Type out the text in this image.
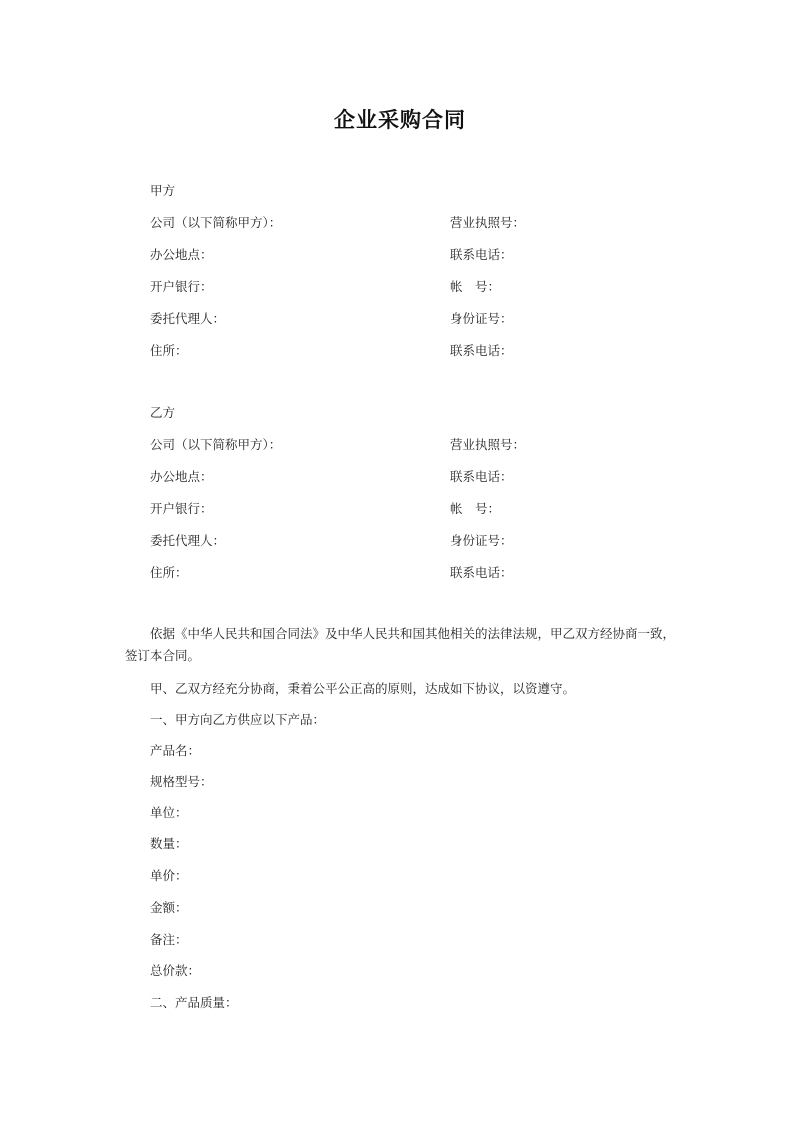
企业采购合同
甲方
公司（以下简称甲方）：	营业执照号：
办公地点：	联系电话：
开户银行：	帐　号：
委托代理人：	身份证号：
住所：	联系电话：
乙方
公司（以下简称甲方）：	营业执照号：
办公地点：	联系电话：
开户银行：	帐　号：
委托代理人：	身份证号：
住所：	联系电话：
依据《中华人民共和国合同法》及中华人民共和国其他相关的法律法规，甲乙双方经协商一致，签订本合同。
甲、乙双方经充分协商，秉着公平公正高的原则，达成如下协议，以资遵守。
一、甲方向乙方供应以下产品：
产品名：
规格型号：
单位：
数量：
单价：
金额：
备注：
总价款：
二、产品质量：
